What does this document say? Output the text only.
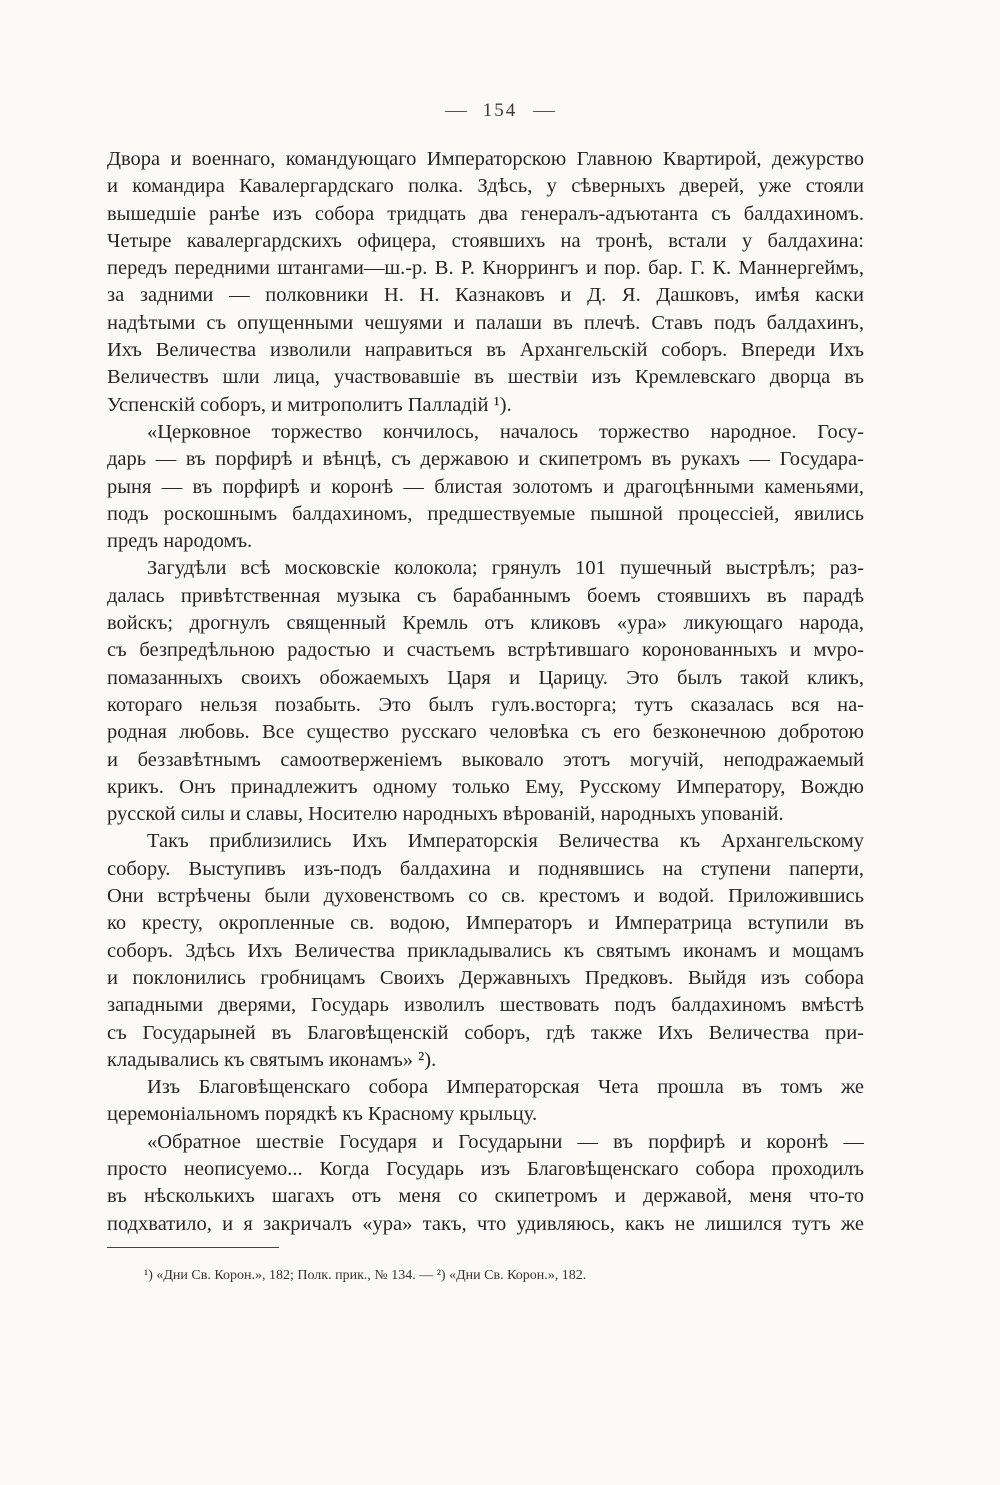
154
Двора и военнаго, командующаго Императорскою Главною Квартирой, дежурство
и командира Кавалергардскаго полка. Здѣсь, у сѣверныхъ дверей, уже стояли
вышедшіе ранѣе изъ собора тридцать два генералъ-адъютанта съ балдахиномъ.
Четыре кавалергардскихъ офицера, стоявшихъ на тронѣ, встали у балдахина:
передъ передними штангами—ш.-р. В. Р. Кноррингъ и пор. бар. Г. К. Маннергеймъ,
за задними — полковники Н. Н. Казнаковъ и Д. Я. Дашковъ, имѣя каски
надѣтыми съ опущенными чешуями и палаши въ плечѣ. Ставъ подъ балдахинъ,
Ихъ Величества изволили направиться въ Архангельскій соборъ. Впереди Ихъ
Величествъ шли лица, участвовавшіе въ шествіи изъ Кремлевскаго дворца въ
Успенскій соборъ, и митрополитъ Палладій ¹).
«Церковное торжество кончилось, началось торжество народное. Госу-
дарь — въ порфирѣ и вѣнцѣ, съ державою и скипетромъ въ рукахъ — Государа-
рыня — въ порфирѣ и коронѣ — блистая золотомъ и драгоцѣнными каменьями,
подъ роскошнымъ балдахиномъ, предшествуемые пышной процессіей, явились
предъ народомъ.
Загудѣли всѣ московскіе колокола; грянулъ 101 пушечный выстрѣлъ; раз-
далась привѣтственная музыка съ барабаннымъ боемъ стоявшихъ въ парадѣ
войскъ; дрогнулъ священный Кремль отъ кликовъ «ура» ликующаго народа,
съ безпредѣльною радостью и счастьемъ встрѣтившаго коронованныхъ и мvро-
помазанныхъ своихъ обожаемыхъ Царя и Царицу. Это былъ такой кликъ,
котораго нельзя позабыть. Это былъ гулъ.восторга; тутъ сказалась вся на-
родная любовь. Все существо русскаго человѣка съ его безконечною добротою
и беззавѣтнымъ самоотверженіемъ выковало этотъ могучій, неподражаемый
крикъ. Онъ принадлежитъ одному только Ему, Русскому Императору, Вождю
русской силы и славы, Носителю народныхъ вѣрованій, народныхъ упованій.
Такъ приблизились Ихъ Императорскія Величества къ Архангельскому
собору. Выступивъ изъ-подъ балдахина и поднявшись на ступени паперти,
Они встрѣчены были духовенствомъ со св. крестомъ и водой. Приложившись
ко кресту, окропленные св. водою, Императоръ и Императрица вступили въ
соборъ. Здѣсь Ихъ Величества прикладывались къ святымъ иконамъ и мощамъ
и поклонились гробницамъ Своихъ Державныхъ Предковъ. Выйдя изъ собора
западными дверями, Государь изволилъ шествовать подъ балдахиномъ вмѣстѣ
съ Государыней въ Благовѣщенскій соборъ, гдѣ также Ихъ Величества при-
кладывались къ святымъ иконамъ» ²).
Изъ Благовѣщенскаго собора Императорская Чета прошла въ томъ же
церемоніальномъ порядкѣ къ Красному крыльцу.
«Обратное шествіе Государя и Государыни — въ порфирѣ и коронѣ —
просто неописуемо... Когда Государь изъ Благовѣщенскаго собора проходилъ
въ нѣсколькихъ шагахъ отъ меня со скипетромъ и державой, меня что-то
подхватило, и я закричалъ «ура» такъ, что удивляюсь, какъ не лишился тутъ же
¹) «Дни Св. Корон.», 182; Полк. прик., № 134. — ²) «Дни Св. Корон.», 182.
